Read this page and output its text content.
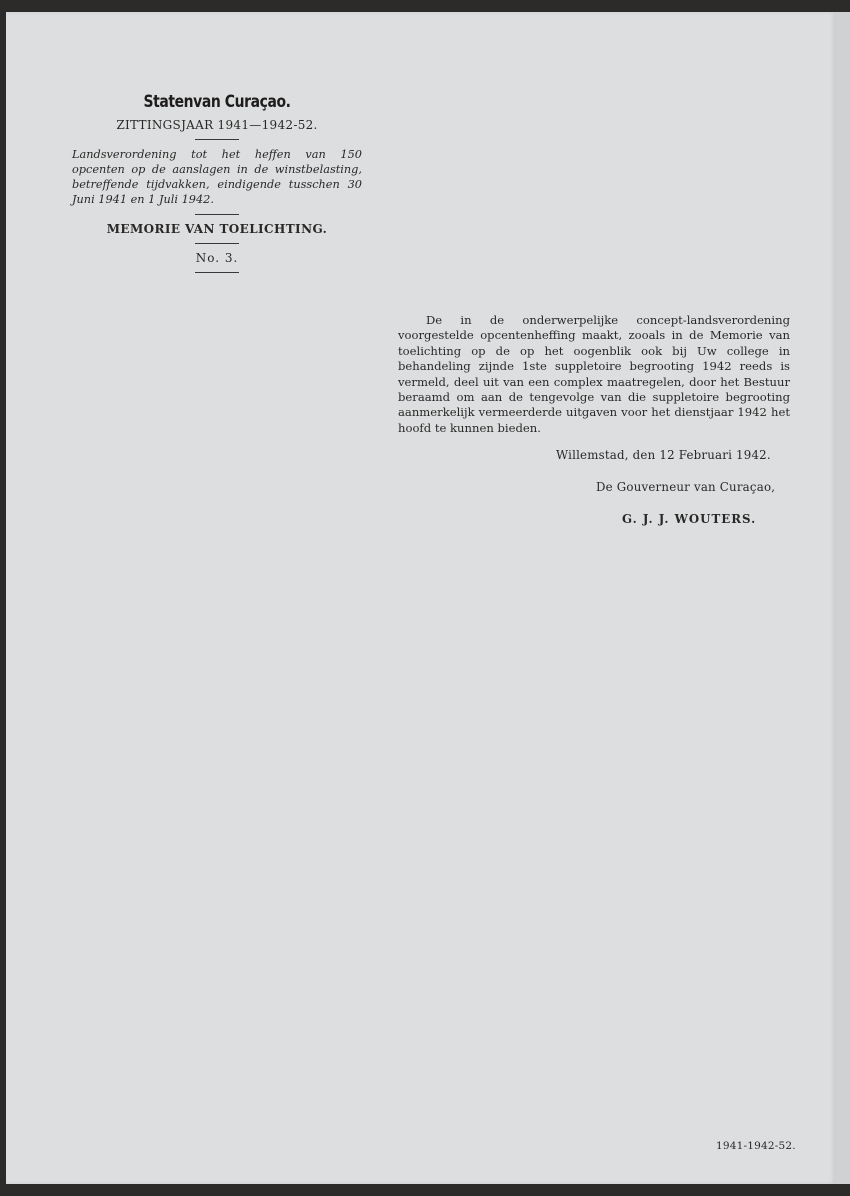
Statenvan Curaçao.
ZITTINGSJAAR 1941—1942-52.
Landsverordening tot het heffen van 150 opcenten op de aanslagen in de winstbelasting, betreffende tijdvakken, eindigende tusschen 30 Juni 1941 en 1 Juli 1942.
MEMORIE VAN TOELICHTING.
No. 3.

De in de onderwerpelijke concept-landsverordening voorgestelde opcentenheffing maakt, zooals in de Memorie van toelichting op de op het oogenblik ook bij Uw college in behandeling zijnde 1ste suppletoire begrooting 1942 reeds is vermeld, deel uit van een complex maatregelen, door het Bestuur beraamd om aan de tengevolge van die suppletoire begrooting aanmerkelijk vermeerderde uitgaven voor het dienstjaar 1942 het hoofd te kunnen bieden.

Willemstad, den 12 Februari 1942.
De Gouverneur van Curaçao,
G. J. J. WOUTERS.
1941-1942-52.
